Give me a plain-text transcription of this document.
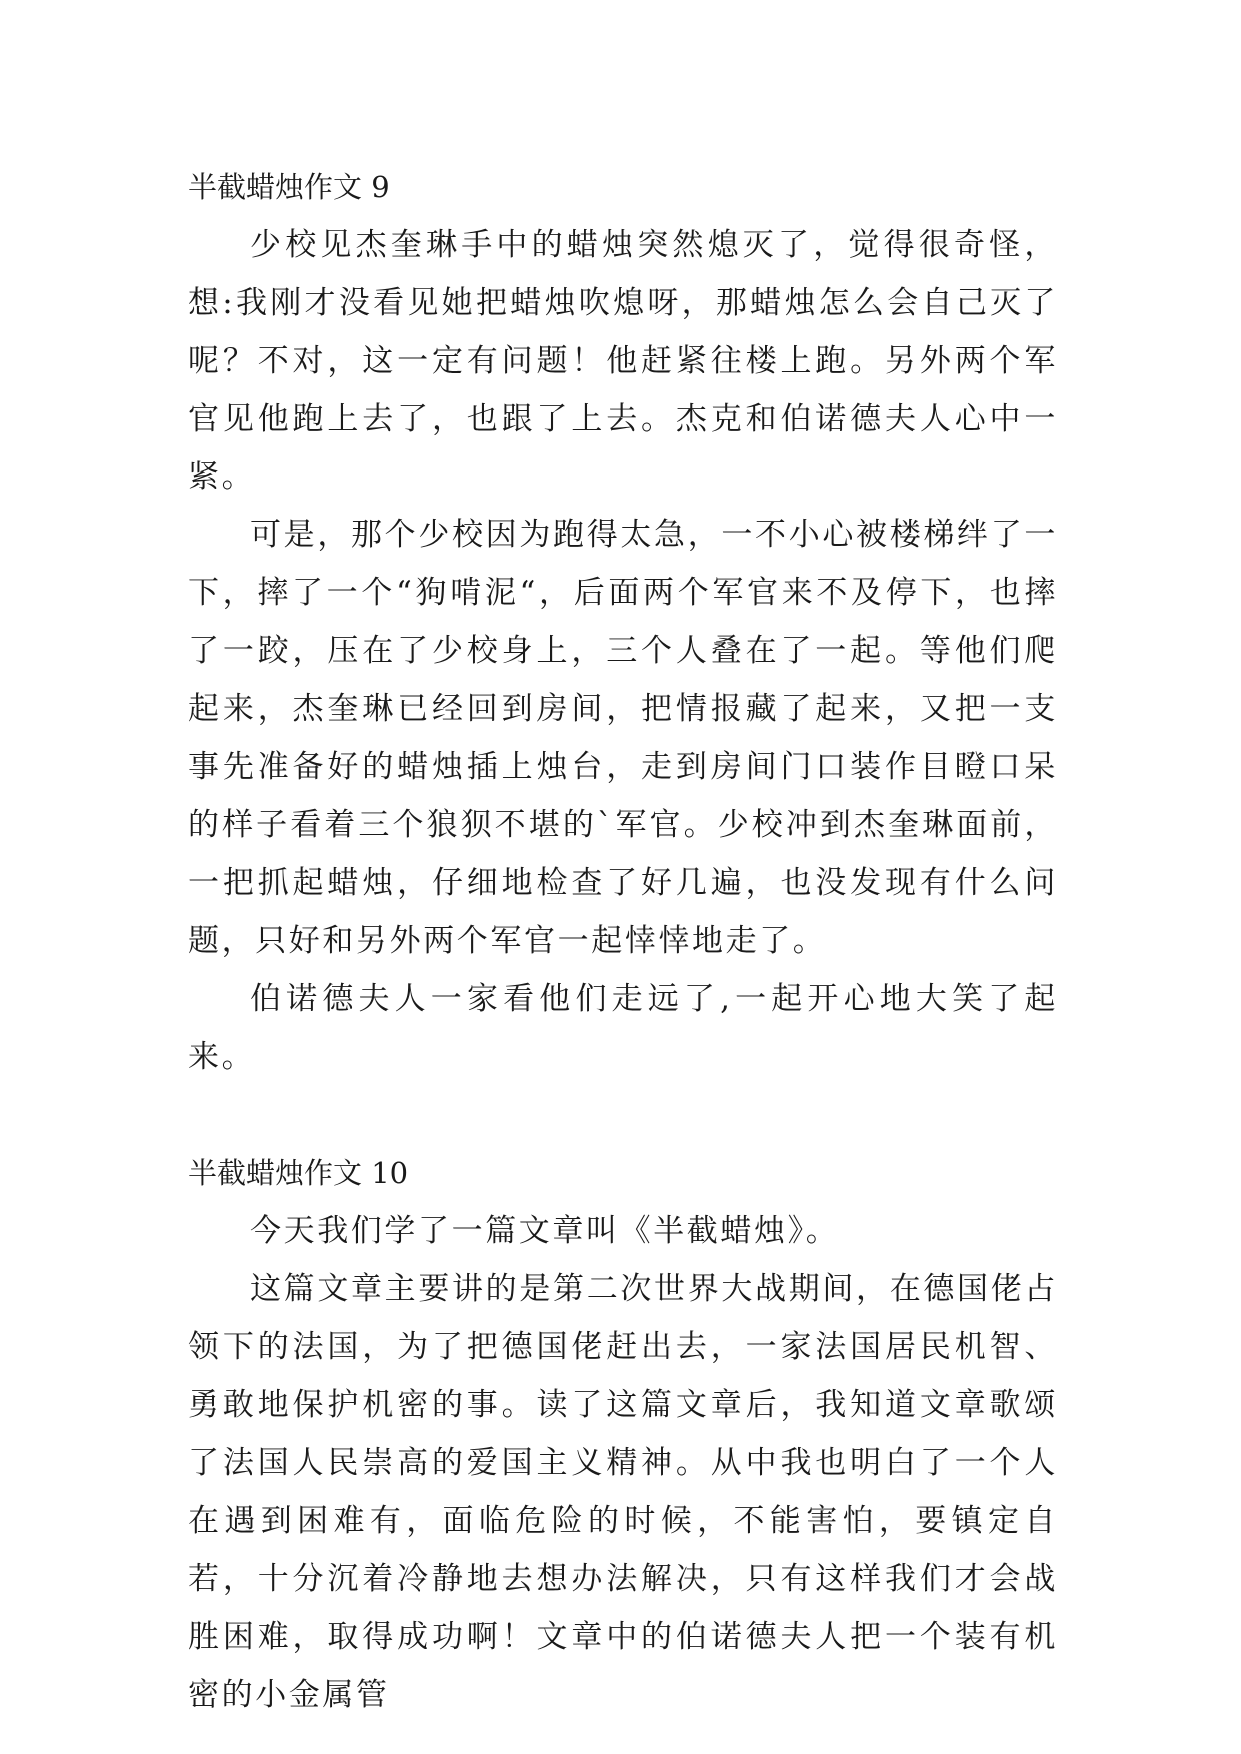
半截蜡烛作文 9

少校见杰奎琳手中的蜡烛突然熄灭了，觉得很奇怪，想:我刚才没看见她把蜡烛吹熄呀，那蜡烛怎么会自己灭了呢？不对，这一定有问题！他赶紧往楼上跑。另外两个军官见他跑上去了，也跟了上去。杰克和伯诺德夫人心中一紧。

可是，那个少校因为跑得太急，一不小心被楼梯绊了一下，摔了一个“狗啃泥“，后面两个军官来不及停下，也摔了一跤，压在了少校身上，三个人叠在了一起。等他们爬起来，杰奎琳已经回到房间，把情报藏了起来，又把一支事先准备好的蜡烛插上烛台，走到房间门口装作目瞪口呆的样子看着三个狼狈不堪的`军官。少校冲到杰奎琳面前，一把抓起蜡烛，仔细地检查了好几遍，也没发现有什么问题，只好和另外两个军官一起悻悻地走了。

伯诺德夫人一家看他们走远了,一起开心地大笑了起来。

半截蜡烛作文 10

今天我们学了一篇文章叫《半截蜡烛》。

这篇文章主要讲的是第二次世界大战期间，在德国佬占领下的法国，为了把德国佬赶出去，一家法国居民机智、勇敢地保护机密的事。读了这篇文章后，我知道文章歌颂了法国人民崇高的爱国主义精神。从中我也明白了一个人在遇到困难有，面临危险的时候，不能害怕，要镇定自若，十分沉着冷静地去想办法解决，只有这样我们才会战胜困难，取得成功啊！文章中的伯诺德夫人把一个装有机密的小金属管
